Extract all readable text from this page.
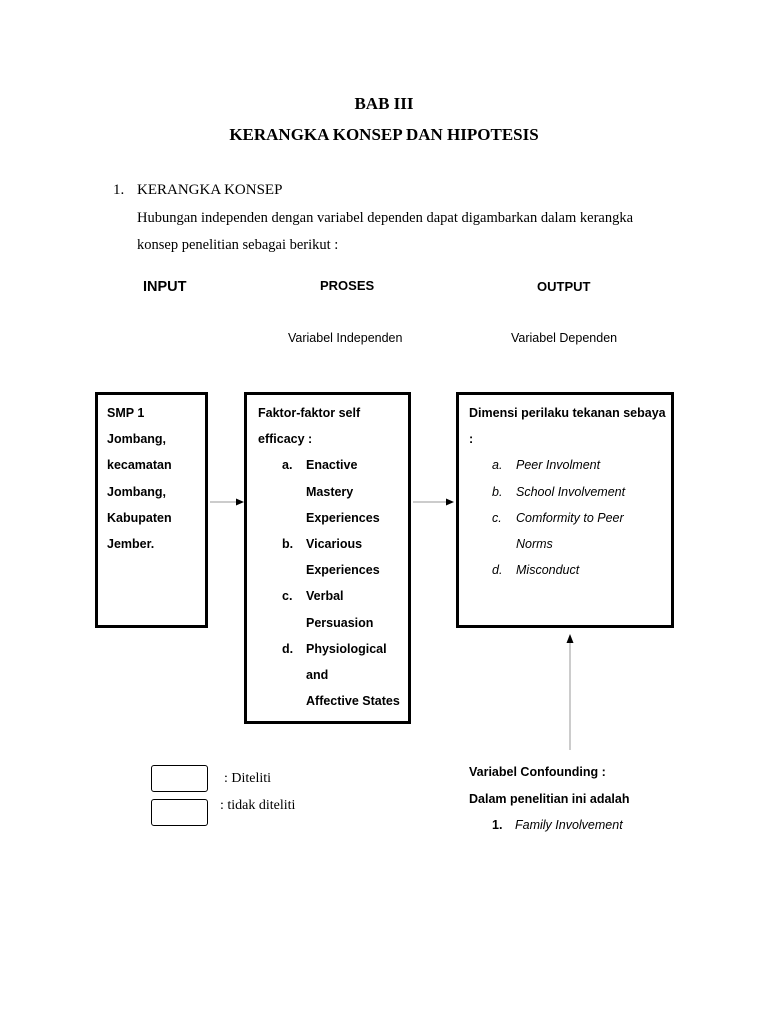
BAB III
KERANGKA KONSEP DAN HIPOTESIS
1. KERANGKA KONSEP
Hubungan independen dengan variabel dependen dapat digambarkan dalam kerangka
konsep penelitian sebagai berikut :
INPUT	PROSES	OUTPUT
Variabel Independen	Variabel Dependen
SMP 1
Jombang,
kecamatan
Jombang,
Kabupaten
Jember.
Faktor-faktor self
efficacy :
a.	Enactive
Mastery
Experiences
b.	Vicarious
Experiences
c.	Verbal
Persuasion
d.	Physiological and
Affective States
Dimensi perilaku tekanan sebaya :
a.	Peer Involment
b.	School Involvement
c.	Comformity to Peer
Norms
d.	Misconduct
: Diteliti
: tidak diteliti
Variabel Confounding :
Dalam penelitian ini adalah
1. Family Involvement
